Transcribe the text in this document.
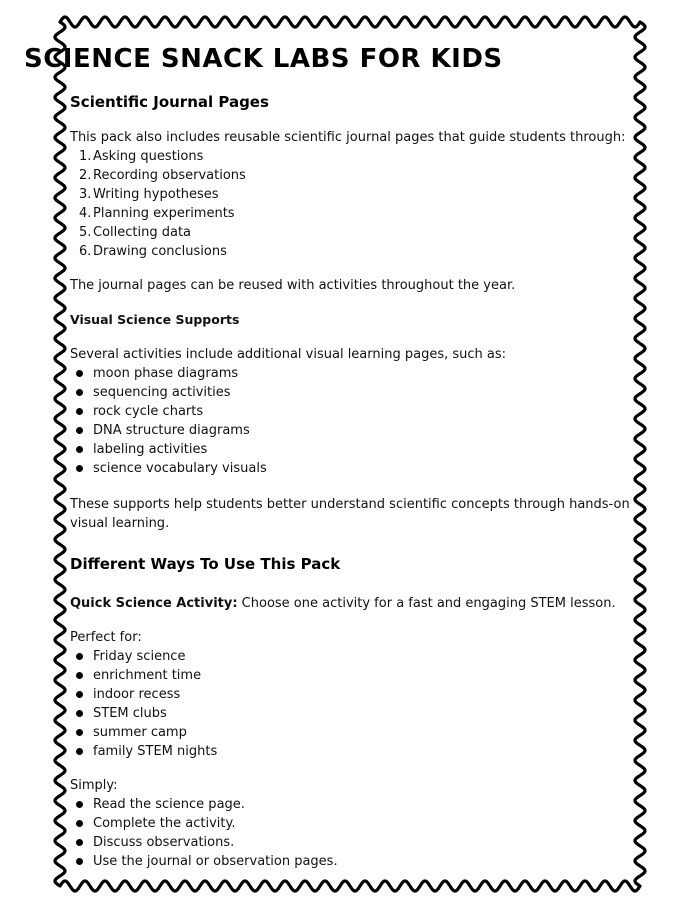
SCIENCE SNACK LABS FOR KIDS
Scientific Journal Pages
This pack also includes reusable scientific journal pages that guide students through:
1. Asking questions
2. Recording observations
3. Writing hypotheses
4. Planning experiments
5. Collecting data
6. Drawing conclusions
The journal pages can be reused with activities throughout the year.
Visual Science Supports
Several activities include additional visual learning pages, such as:
moon phase diagrams
sequencing activities
rock cycle charts
DNA structure diagrams
labeling activities
science vocabulary visuals
These supports help students better understand scientific concepts through hands-on
visual learning.
Different Ways To Use This Pack
Quick Science Activity: Choose one activity for a fast and engaging STEM lesson.
Perfect for:
Friday science
enrichment time
indoor recess
STEM clubs
summer camp
family STEM nights
Simply:
Read the science page.
Complete the activity.
Discuss observations.
Use the journal or observation pages.
